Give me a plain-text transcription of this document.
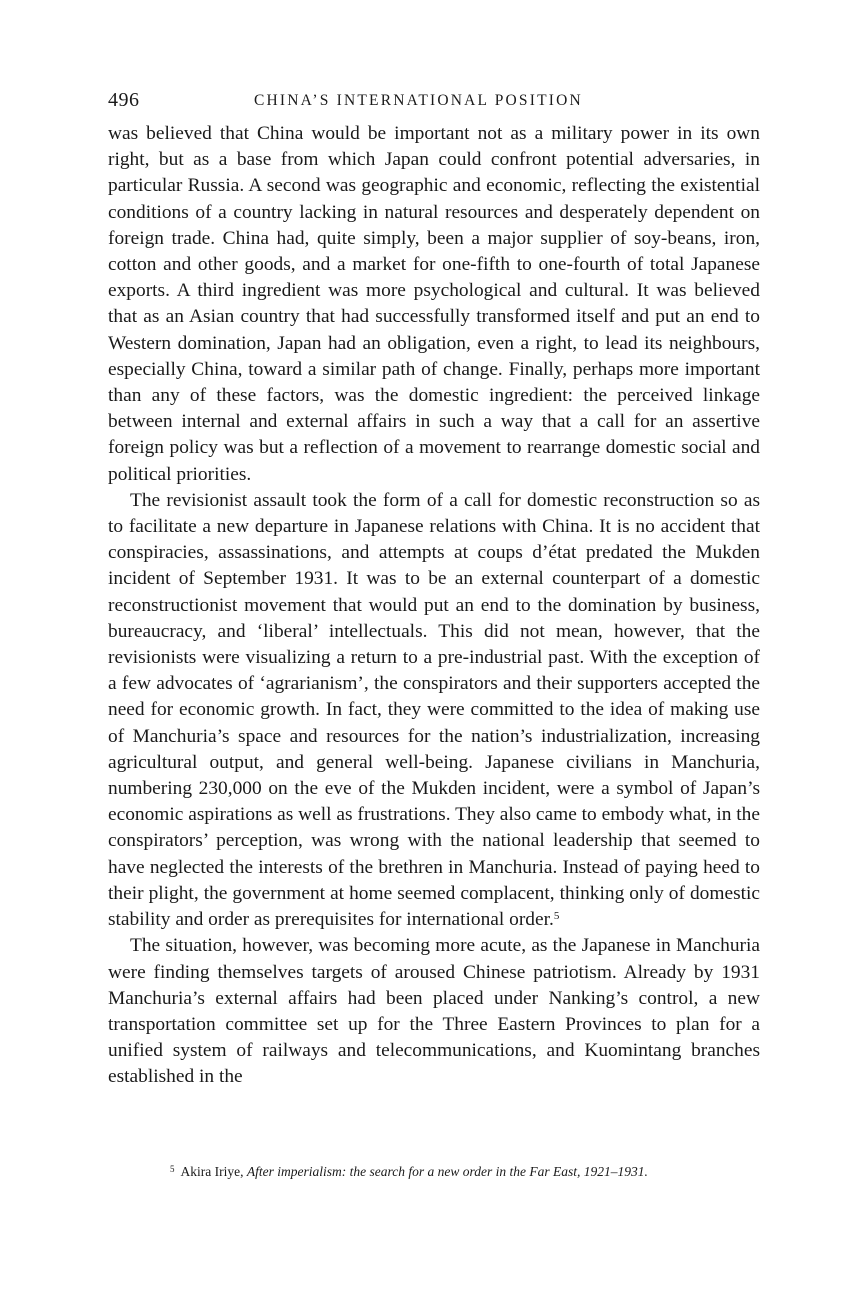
496	CHINA’S INTERNATIONAL POSITION

was believed that China would be important not as a military power in its own right, but as a base from which Japan could confront potential adversaries, in particular Russia. A second was geographic and economic, reflecting the existential conditions of a country lacking in natural resources and desperately dependent on foreign trade. China had, quite simply, been a major supplier of soy-beans, iron, cotton and other goods, and a market for one-fifth to one-fourth of total Japanese exports. A third ingredient was more psychological and cultural. It was believed that as an Asian country that had successfully transformed itself and put an end to Western domination, Japan had an obligation, even a right, to lead its neighbours, especially China, toward a similar path of change. Finally, perhaps more important than any of these factors, was the domestic ingredient: the perceived linkage between internal and external affairs in such a way that a call for an assertive foreign policy was but a reflection of a movement to rearrange domestic social and political priorities.

The revisionist assault took the form of a call for domestic reconstruction so as to facilitate a new departure in Japanese relations with China. It is no accident that conspiracies, assassinations, and attempts at coups d’état predated the Mukden incident of September 1931. It was to be an external counterpart of a domestic reconstructionist movement that would put an end to the domination by business, bureaucracy, and ‘liberal’ intellectuals. This did not mean, however, that the revisionists were visualizing a return to a pre-industrial past. With the exception of a few advocates of ‘agrarianism’, the conspirators and their supporters accepted the need for economic growth. In fact, they were committed to the idea of making use of Manchuria’s space and resources for the nation’s industrialization, increasing agricultural output, and general well-being. Japanese civilians in Manchuria, numbering 230,000 on the eve of the Mukden incident, were a symbol of Japan’s economic aspirations as well as frustrations. They also came to embody what, in the conspirators’ perception, was wrong with the national leadership that seemed to have neglected the interests of the brethren in Manchuria. Instead of paying heed to their plight, the government at home seemed complacent, thinking only of domestic stability and order as prerequisites for international order.$^5$

The situation, however, was becoming more acute, as the Japanese in Manchuria were finding themselves targets of aroused Chinese patriotism. Already by 1931 Manchuria’s external affairs had been placed under Nanking’s control, a new transportation committee set up for the Three Eastern Provinces to plan for a unified system of railways and telecommunications, and Kuomintang branches established in the

$^5$ Akira Iriye, After imperialism: the search for a new order in the Far East, 1921–1931.
